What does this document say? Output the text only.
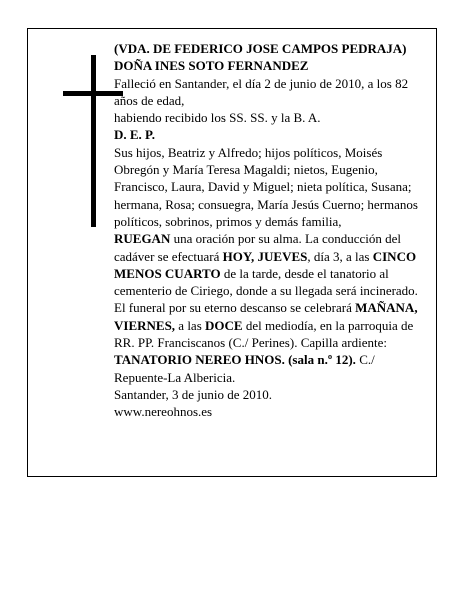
(VDA. DE FEDERICO JOSE CAMPOS PEDRAJA)

DOÑA INES SOTO FERNANDEZ

Falleció en Santander, el día 2 de junio de 2010, a los 82 años de edad,

habiendo recibido los SS. SS. y la B. A.

D. E. P.

Sus hijos, Beatriz y Alfredo; hijos políticos, Moisés Obregón y María Teresa Magaldi; nietos, Eugenio, Francisco, Laura, David y Miguel; nieta política, Susana; hermana, Rosa; consuegra, María Jesús Cuerno; hermanos políticos, sobrinos, primos y demás familia,

RUEGAN una oración por su alma. La conducción del cadáver se efectuará HOY, JUEVES, día 3, a las CINCO MENOS CUARTO de la tarde, desde el tanatorio al cementerio de Ciriego, donde a su llegada será incinerado. El funeral por su eterno descanso se celebrará MAÑANA, VIERNES, a las DOCE del mediodía, en la parroquia de RR. PP. Franciscanos (C./ Perines). Capilla ardiente: TANATORIO NEREO HNOS. (sala n.º 12). C./ Repuente-La Albericia.

Santander, 3 de junio de 2010.

www.nereohnos.es
